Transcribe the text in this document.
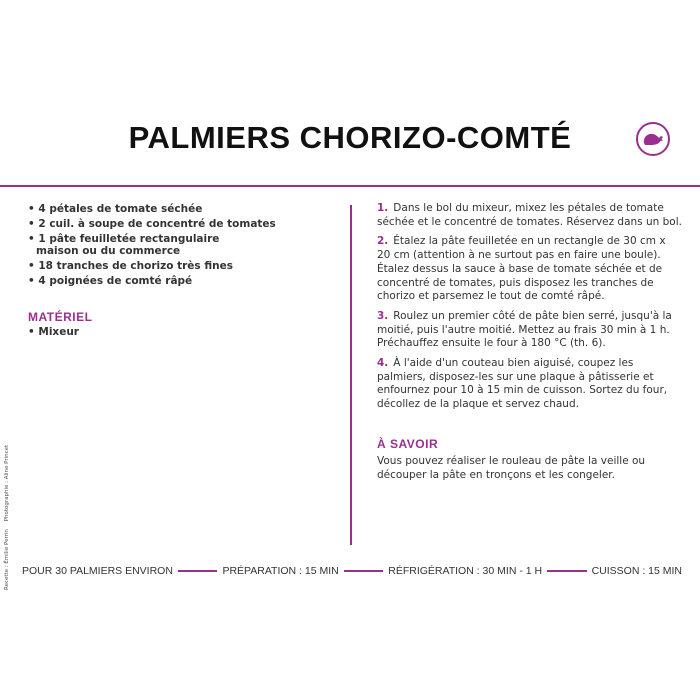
PALMIERS CHORIZO-COMTÉ
• 4 pétales de tomate séchée
• 2 cuil. à soupe de concentré de tomates
• 1 pâte feuilletée rectangulaire maison ou du commerce
• 18 tranches de chorizo très fines
• 4 poignées de comté râpé
MATÉRIEL
• Mixeur
1. Dans le bol du mixeur, mixez les pétales de tomate séchée et le concentré de tomates. Réservez dans un bol.
2. Étalez la pâte feuilletée en un rectangle de 30 cm x 20 cm (attention à ne surtout pas en faire une boule). Étalez dessus la sauce à base de tomate séchée et de concentré de tomates, puis disposez les tranches de chorizo et parsemez le tout de comté râpé.
3. Roulez un premier côté de pâte bien serré, jusqu'à la moitié, puis l'autre moitié. Mettez au frais 30 min à 1 h. Préchauffez ensuite le four à 180 °C (th. 6).
4. À l'aide d'un couteau bien aiguisé, coupez les palmiers, disposez-les sur une plaque à pâtisserie et enfournez pour 10 à 15 min de cuisson. Sortez du four, décollez de la plaque et servez chaud.
À SAVOIR

Vous pouvez réaliser le rouleau de pâte la veille ou découper la pâte en tronçons et les congeler.

Recette : Émilie Perrin Photographie : Aline Princet
POUR 30 PALMIERS ENVIRON	PRÉPARATION : 15 MIN	RÉFRIGÉRATION : 30 MIN - 1 H	CUISSON : 15 MIN
